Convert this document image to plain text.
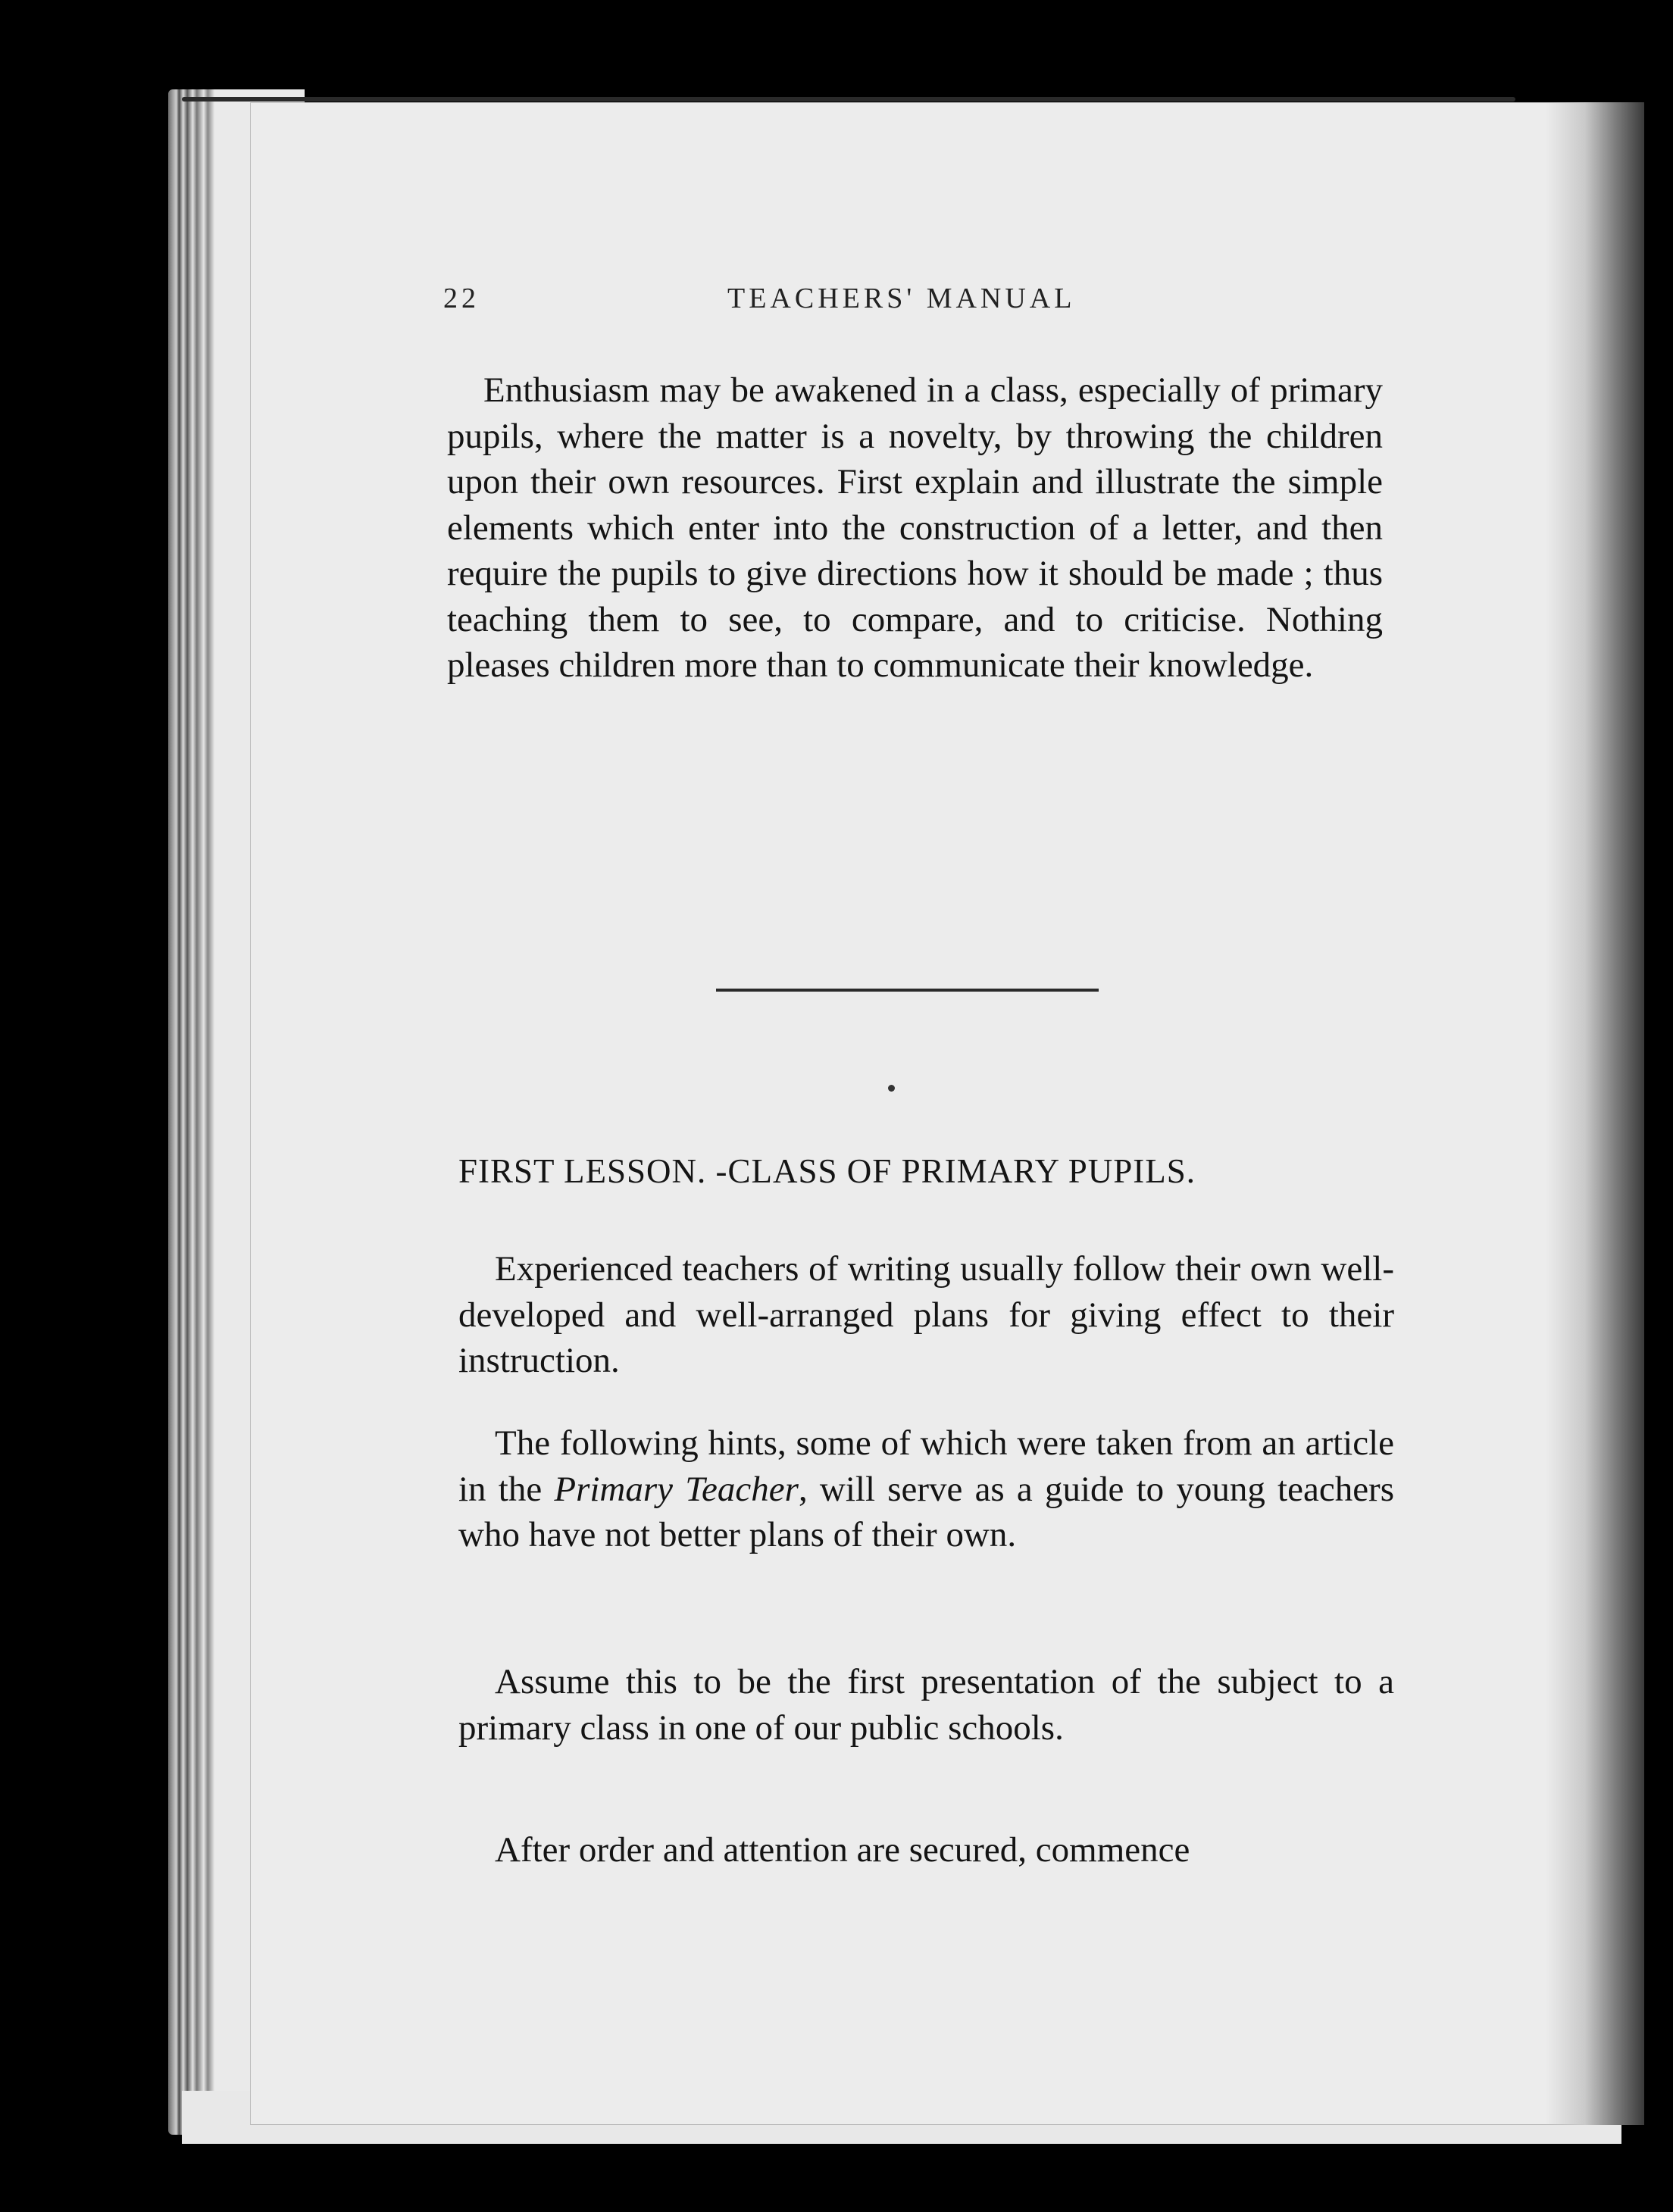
22	TEACHERS' MANUAL

Enthusiasm may be awakened in a class, especially of primary pupils, where the matter is a novelty, by throwing the children upon their own resources. First explain and illustrate the simple elements which enter into the construction of a letter, and then require the pupils to give directions how it should be made ; thus teaching them to see, to compare, and to criticise. Nothing pleases children more than to communicate their knowledge.

FIRST LESSON. -CLASS OF PRIMARY PUPILS.

Experienced teachers of writing usually follow their own well-developed and well-arranged plans for giving effect to their instruction.

The following hints, some of which were taken from an article in the Primary Teacher, will serve as a guide to young teachers who have not better plans of their own.

Assume this to be the first presentation of the subject to a primary class in one of our public schools.

After order and attention are secured, commence
